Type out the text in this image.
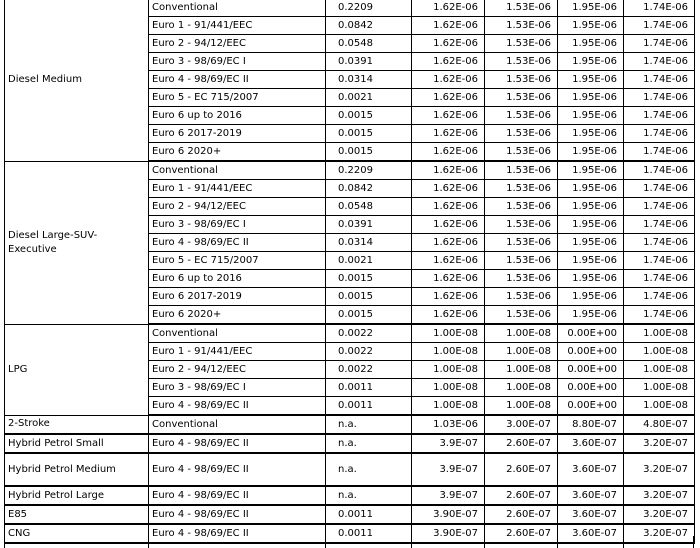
Diesel Medium	Conventional	0.2209	1.62E-06	1.53E-06	1.95E-06	1.74E-06
	Euro 1 - 91/441/EEC	0.0842	1.62E-06	1.53E-06	1.95E-06	1.74E-06
	Euro 2 - 94/12/EEC	0.0548	1.62E-06	1.53E-06	1.95E-06	1.74E-06
	Euro 3 - 98/69/EC I	0.0391	1.62E-06	1.53E-06	1.95E-06	1.74E-06
	Euro 4 - 98/69/EC II	0.0314	1.62E-06	1.53E-06	1.95E-06	1.74E-06
	Euro 5 - EC 715/2007	0.0021	1.62E-06	1.53E-06	1.95E-06	1.74E-06
	Euro 6 up to 2016	0.0015	1.62E-06	1.53E-06	1.95E-06	1.74E-06
	Euro 6 2017-2019	0.0015	1.62E-06	1.53E-06	1.95E-06	1.74E-06
	Euro 6 2020+	0.0015	1.62E-06	1.53E-06	1.95E-06	1.74E-06
Diesel Large-SUV-Executive	Conventional	0.2209	1.62E-06	1.53E-06	1.95E-06	1.74E-06
	Euro 1 - 91/441/EEC	0.0842	1.62E-06	1.53E-06	1.95E-06	1.74E-06
	Euro 2 - 94/12/EEC	0.0548	1.62E-06	1.53E-06	1.95E-06	1.74E-06
	Euro 3 - 98/69/EC I	0.0391	1.62E-06	1.53E-06	1.95E-06	1.74E-06
	Euro 4 - 98/69/EC II	0.0314	1.62E-06	1.53E-06	1.95E-06	1.74E-06
	Euro 5 - EC 715/2007	0.0021	1.62E-06	1.53E-06	1.95E-06	1.74E-06
	Euro 6 up to 2016	0.0015	1.62E-06	1.53E-06	1.95E-06	1.74E-06
	Euro 6 2017-2019	0.0015	1.62E-06	1.53E-06	1.95E-06	1.74E-06
	Euro 6 2020+	0.0015	1.62E-06	1.53E-06	1.95E-06	1.74E-06
LPG	Conventional	0.0022	1.00E-08	1.00E-08	0.00E+00	1.00E-08
	Euro 1 - 91/441/EEC	0.0022	1.00E-08	1.00E-08	0.00E+00	1.00E-08
	Euro 2 - 94/12/EEC	0.0022	1.00E-08	1.00E-08	0.00E+00	1.00E-08
	Euro 3 - 98/69/EC I	0.0011	1.00E-08	1.00E-08	0.00E+00	1.00E-08
	Euro 4 - 98/69/EC II	0.0011	1.00E-08	1.00E-08	0.00E+00	1.00E-08
2-Stroke	Conventional	n.a.	1.03E-06	3.00E-07	8.80E-07	4.80E-07
Hybrid Petrol Small	Euro 4 - 98/69/EC II	n.a.	3.9E-07	2.60E-07	3.60E-07	3.20E-07
Hybrid Petrol Medium	Euro 4 - 98/69/EC II	n.a.	3.9E-07	2.60E-07	3.60E-07	3.20E-07
Hybrid Petrol Large	Euro 4 - 98/69/EC II	n.a.	3.9E-07	2.60E-07	3.60E-07	3.20E-07
E85	Euro 4 - 98/69/EC II	0.0011	3.90E-07	2.60E-07	3.60E-07	3.20E-07
CNG	Euro 4 - 98/69/EC II	0.0011	3.90E-07	2.60E-07	3.60E-07	3.20E-07
